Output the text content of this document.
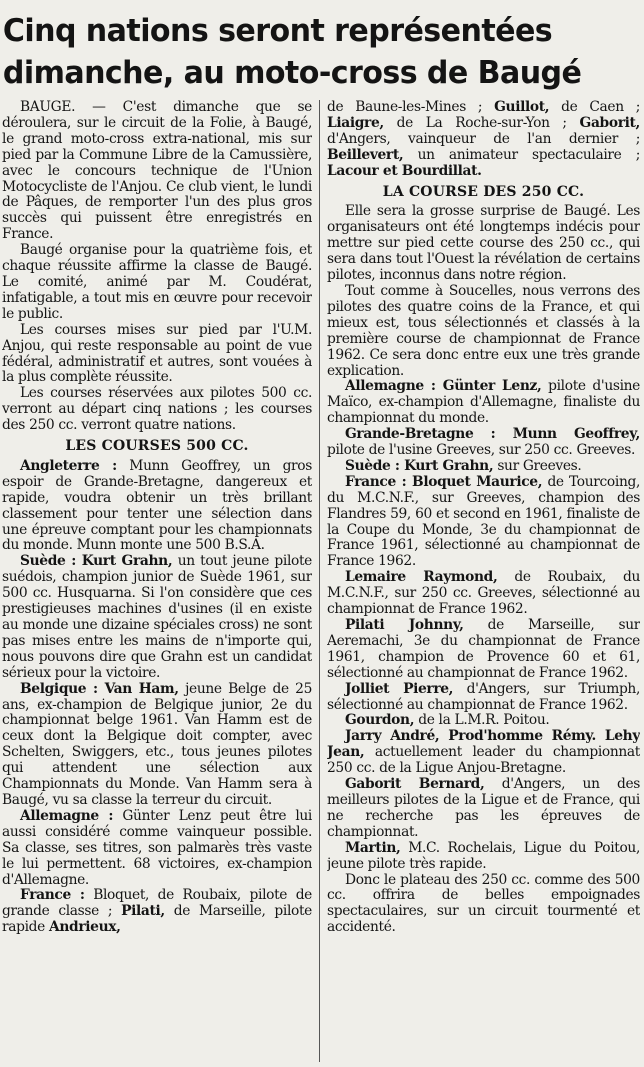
Cinq nations seront représentées
dimanche, au moto-cross de Baugé

BAUGE. — C'est dimanche que se déroulera, sur le circuit de la Folie, à Baugé, le grand moto-cross extra-national, mis sur pied par la Commune Libre de la Camussière, avec le concours technique de l'Union Motocycliste de l'Anjou. Ce club vient, le lundi de Pâques, de remporter l'un des plus gros succès qui puissent être enregistrés en France.

Baugé organise pour la quatrième fois, et chaque réussite affirme la classe de Baugé. Le comité, animé par M. Coudérat, infatigable, a tout mis en œuvre pour recevoir le public.

Les courses mises sur pied par l'U.M. Anjou, qui reste responsable au point de vue fédéral, administratif et autres, sont vouées à la plus complète réussite.

Les courses réservées aux pilotes 500 cc. verront au départ cinq nations ; les courses des 250 cc. verront quatre nations.

LES COURSES 500 CC.

Angleterre : Munn Geoffrey, un gros espoir de Grande-Bretagne, dangereux et rapide, voudra obtenir un très brillant classement pour tenter une sélection dans une épreuve comptant pour les championnats du monde. Munn monte une 500 B.S.A.

Suède : Kurt Grahn, un tout jeune pilote suédois, champion junior de Suède 1961, sur 500 cc. Husquarna. Si l'on considère que ces prestigieuses machines d'usines (il en existe au monde une dizaine spéciales cross) ne sont pas mises entre les mains de n'importe qui, nous pouvons dire que Grahn est un candidat sérieux pour la victoire.

Belgique : Van Ham, jeune Belge de 25 ans, ex-champion de Belgique junior, 2e du championnat belge 1961. Van Hamm est de ceux dont la Belgique doit compter, avec Schelten, Swiggers, etc., tous jeunes pilotes qui attendent une sélection aux Championnats du Monde. Van Hamm sera à Baugé, vu sa classe la terreur du circuit.

Allemagne : Günter Lenz peut être lui aussi considéré comme vainqueur possible. Sa classe, ses titres, son palmarès très vaste le lui permettent. 68 victoires, ex-champion d'Allemagne.

France : Bloquet, de Roubaix, pilote de grande classe ; Pilati, de Marseille, pilote rapide Andrieux,

de Baune-les-Mines ; Guillot, de Caen ; Liaigre, de La Roche-sur-Yon ; Gaborit, d'Angers, vainqueur de l'an dernier ; Beillevert, un animateur spectaculaire ; Lacour et Bourdillat.

LA COURSE DES 250 CC.

Elle sera la grosse surprise de Baugé. Les organisateurs ont été longtemps indécis pour mettre sur pied cette course des 250 cc., qui sera dans tout l'Ouest la révélation de certains pilotes, inconnus dans notre région.

Tout comme à Soucelles, nous verrons des pilotes des quatre coins de la France, et qui mieux est, tous sélectionnés et classés à la première course de championnat de France 1962. Ce sera donc entre eux une très grande explication.

Allemagne : Günter Lenz, pilote d'usine Maïco, ex-champion d'Allemagne, finaliste du championnat du monde.

Grande-Bretagne : Munn Geoffrey, pilote de l'usine Greeves, sur 250 cc. Greeves.

Suède : Kurt Grahn, sur Greeves.

France : Bloquet Maurice, de Tourcoing, du M.C.N.F., sur Greeves, champion des Flandres 59, 60 et second en 1961, finaliste de la Coupe du Monde, 3e du championnat de France 1961, sélectionné au championnat de France 1962.

Lemaire Raymond, de Roubaix, du M.C.N.F., sur 250 cc. Greeves, sélectionné au championnat de France 1962.

Pilati Johnny, de Marseille, sur Aeremachi, 3e du championnat de France 1961, champion de Provence 60 et 61, sélectionné au championnat de France 1962.

Jolliet Pierre, d'Angers, sur Triumph, sélectionné au championnat de France 1962.

Gourdon, de la L.M.R. Poitou.

Jarry André, Prod'homme Rémy. Lehy Jean, actuellement leader du championnat 250 cc. de la Ligue Anjou-Bretagne.

Gaborit Bernard, d'Angers, un des meilleurs pilotes de la Ligue et de France, qui ne recherche pas les épreuves de championnat.

Martin, M.C. Rochelais, Ligue du Poitou, jeune pilote très rapide.

Donc le plateau des 250 cc. comme des 500 cc. offrira de belles empoignades spectaculaires, sur un circuit tourmenté et accidenté.
